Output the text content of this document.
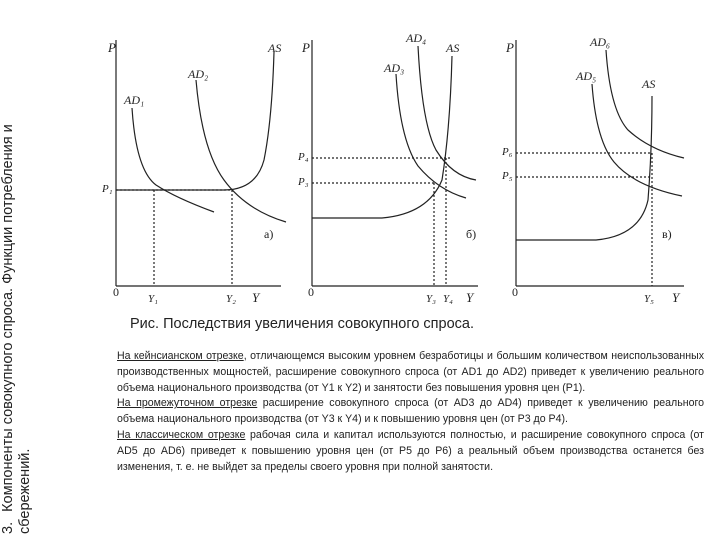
3.Компоненты совокупного спроса. Функции потребления и
сбережений.
P	AS
AD₂
AD₁
P₁
а)
0	Y₁	Y₂ Y
P
AD₄
AS
AD₃
P₄
P₃
б)
0	Y₃ Y₄ Y
P	AD₆
AD₅
AS
P₆
P₅
в)
0	Y₅ Y
Рис. Последствия увеличения совокупного спроса.

На кейнсианском отрезке, отличающемся высоким уровнем безработицы и большим количеством неиспользованных производственных мощностей, расширение совокупного спроса (от AD1 до AD2) приведет к увеличению реального объема национального производства (от Y1 к Y2) и занятости без повышения уровня цен (P1).

На промежуточном отрезке расширение совокупного спроса (от AD3 до AD4) приведет к увеличению реального объема национального производства (от Y3 к Y4) и к повышению уровня цен (от P3 до P4).

На классическом отрезке рабочая сила и капитал используются полностью, и расширение совокупного спроса (от AD5 до AD6) приведет к повышению уровня цен (от P5 до P6) а реальный объем производства останется без изменения, т. е. не выйдет за пределы своего уровня при полной занятости.
